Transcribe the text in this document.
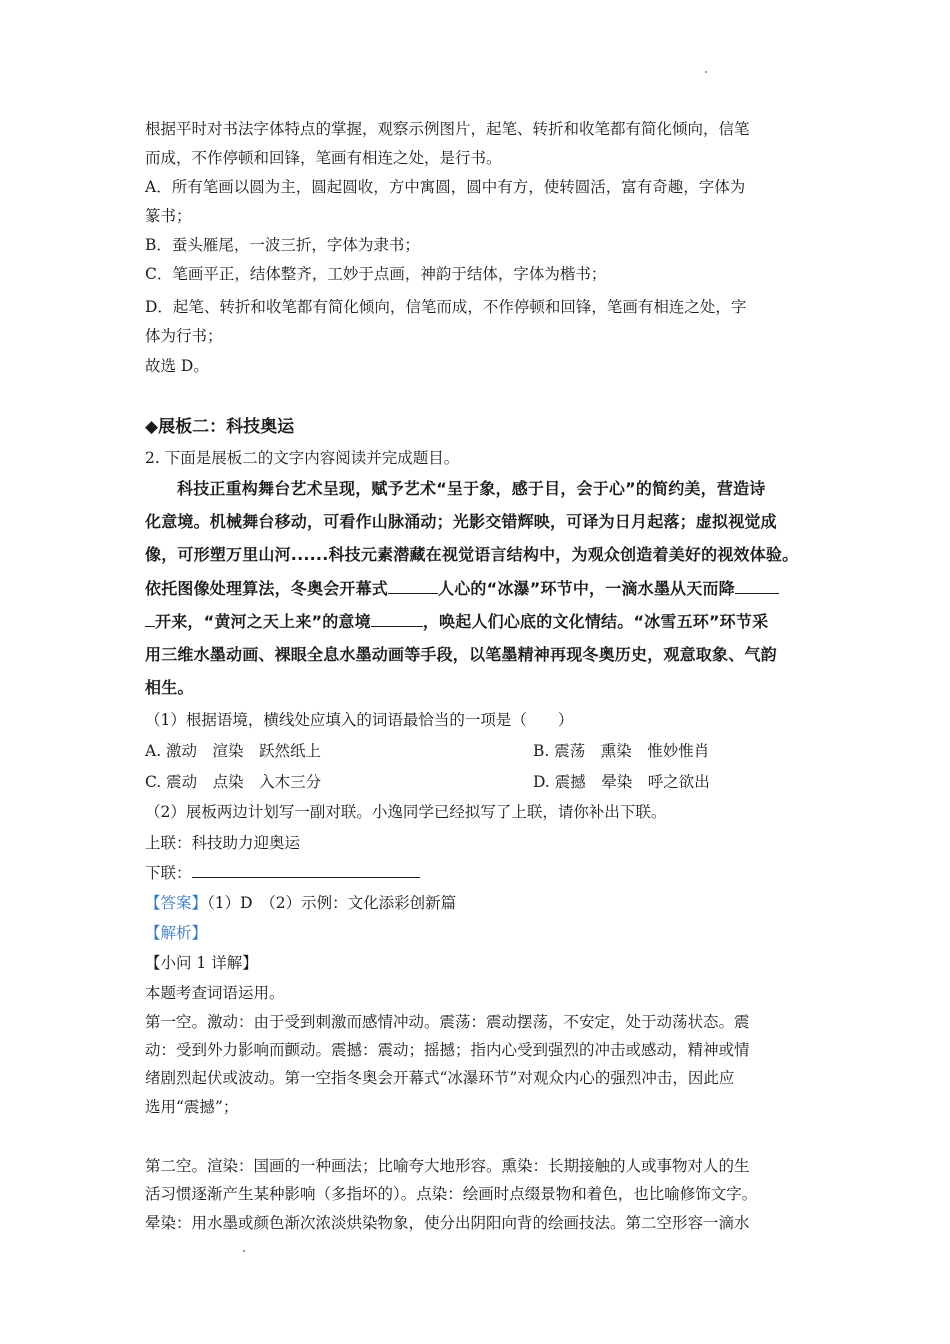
根据平时对书法字体特点的掌握，观察示例图片，起笔、转折和收笔都有简化倾向，信笔
而成，不作停顿和回锋，笔画有相连之处，是行书。
A．所有笔画以圆为主，圆起圆收，方中寓圆，圆中有方，使转圆活，富有奇趣，字体为
篆书；
B．蚕头雁尾，一波三折，字体为隶书；
C．笔画平正，结体整齐，工妙于点画，神韵于结体，字体为楷书；
D．起笔、转折和收笔都有简化倾向，信笔而成，不作停顿和回锋，笔画有相连之处，字
体为行书；
故选 D。
◆展板二：科技奥运
2. 下面是展板二的文字内容阅读并完成题目。
科技正重构舞台艺术呈现，赋予艺术“呈于象，感于目，会于心”的简约美，营造诗
化意境。机械舞台移动，可看作山脉涌动；光影交错辉映，可译为日月起落；虚拟视觉成
像，可形塑万里山河......科技元素潜藏在视觉语言结构中，为观众创造着美好的视效体验。
依托图像处理算法，冬奥会开幕式	人心的“冰瀑”环节中，一滴水墨从天而降
开来，“黄河之天上来”的意境	，唤起人们心底的文化情结。“冰雪五环”环节采
用三维水墨动画、裸眼全息水墨动画等手段，以笔墨精神再现冬奥历史，观意取象、气韵
相生。
（1）根据语境，横线处应填入的词语最恰当的一项是（　　）
A. 激动　渲染　跃然纸上	B. 震荡　熏染　惟妙惟肖
C. 震动　点染　入木三分	D. 震撼　晕染　呼之欲出
（2）展板两边计划写一副对联。小逸同学已经拟写了上联，请你补出下联。
上联：科技助力迎奥运
下联：
【答案】（1）D　（2）示例：文化添彩创新篇
【解析】
【小问 1 详解】
本题考查词语运用。
第一空。激动：由于受到刺激而感情冲动。震荡：震动摆荡，不安定，处于动荡状态。震
动：受到外力影响而颤动。震撼：震动；摇撼；指内心受到强烈的冲击或感动，精神或情
绪剧烈起伏或波动。第一空指冬奥会开幕式“冰瀑环节”对观众内心的强烈冲击，因此应
选用“震撼”；
第二空。渲染：国画的一种画法；比喻夸大地形容。熏染：长期接触的人或事物对人的生
活习惯逐渐产生某种影响（多指坏的）。点染：绘画时点缀景物和着色，也比喻修饰文字。
晕染：用水墨或颜色渐次浓淡烘染物象，使分出阴阳向背的绘画技法。第二空形容一滴水
